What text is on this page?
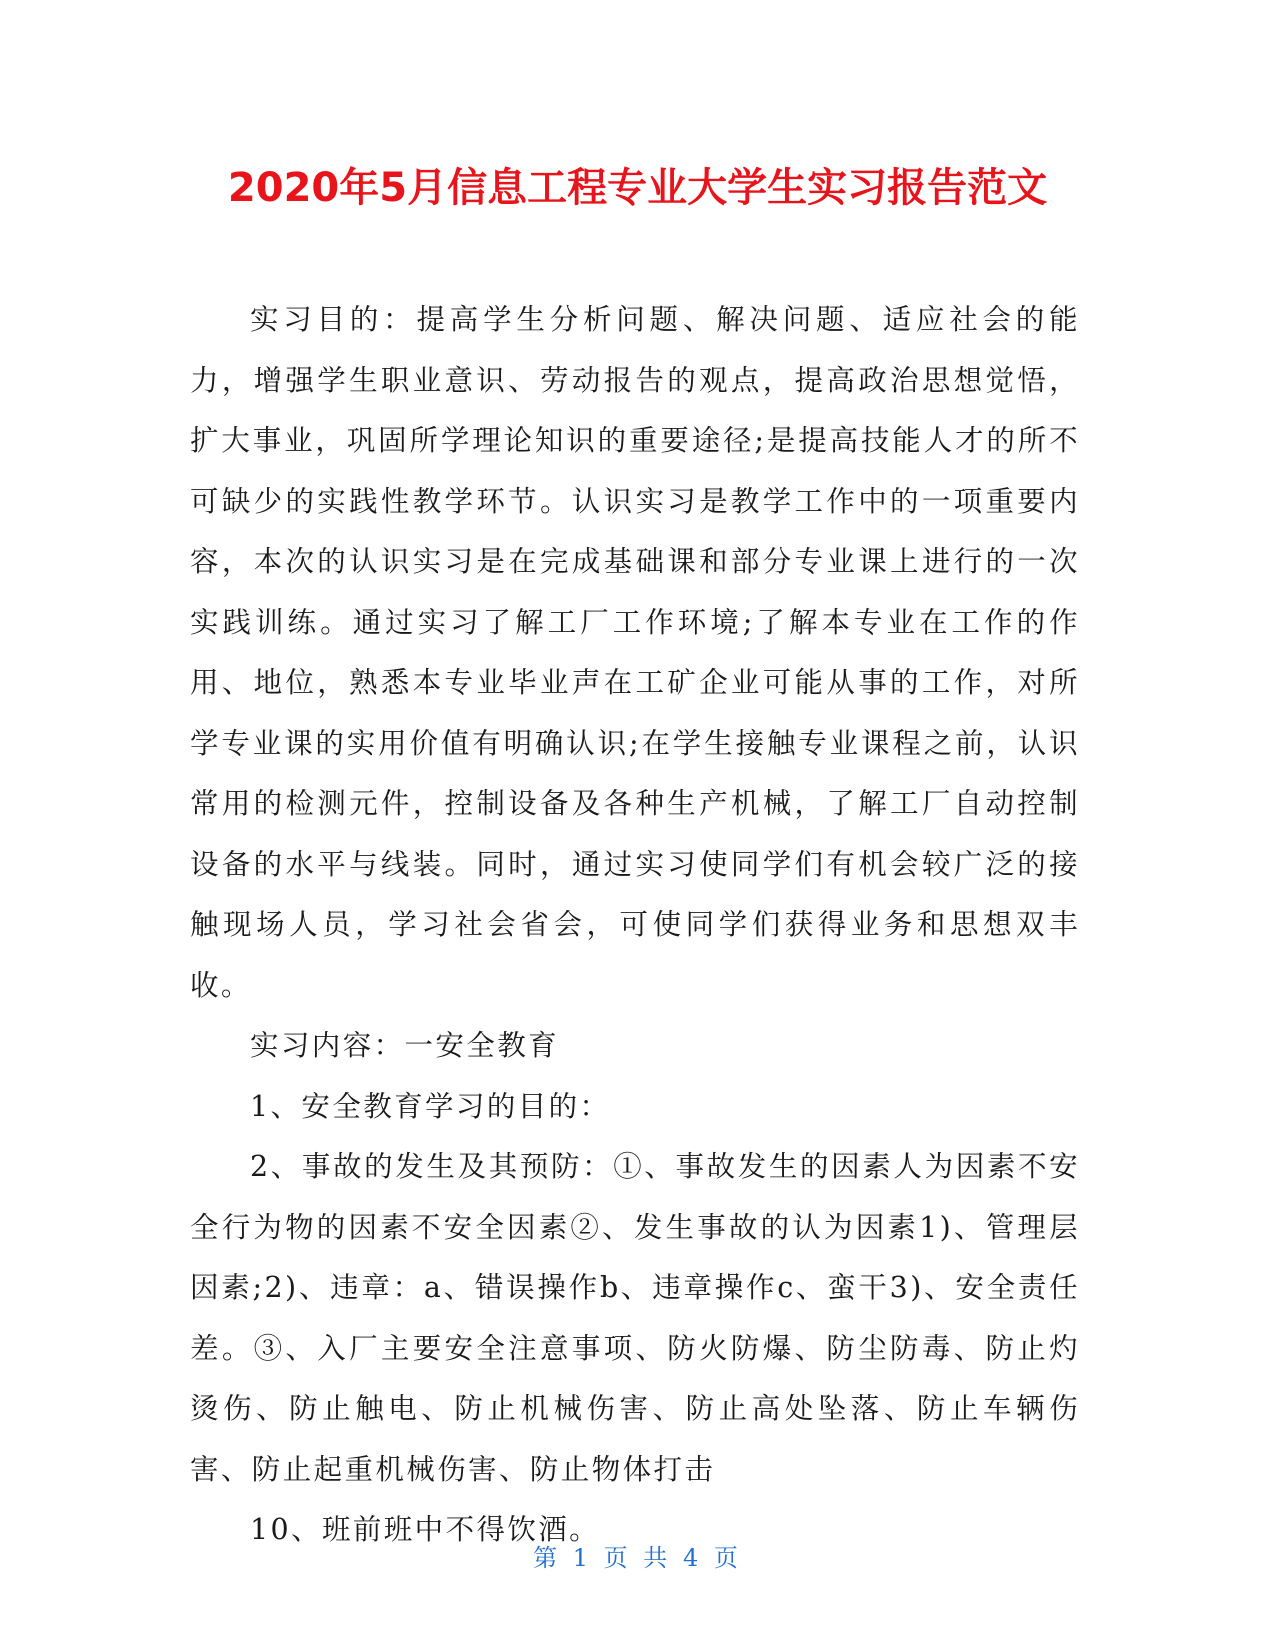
2020年5月信息工程专业大学生实习报告范文

实习目的：提高学生分析问题、解决问题、适应社会的能力，增强学生职业意识、劳动报告的观点，提高政治思想觉悟，扩大事业，巩固所学理论知识的重要途径;是提高技能人才的所不可缺少的实践性教学环节。认识实习是教学工作中的一项重要内容，本次的认识实习是在完成基础课和部分专业课上进行的一次实践训练。通过实习了解工厂工作环境;了解本专业在工作的作用、地位，熟悉本专业毕业声在工矿企业可能从事的工作，对所学专业课的实用价值有明确认识;在学生接触专业课程之前，认识常用的检测元件，控制设备及各种生产机械，了解工厂自动控制设备的水平与线装。同时，通过实习使同学们有机会较广泛的接触现场人员，学习社会省会，可使同学们获得业务和思想双丰收。

实习内容：一安全教育

1、安全教育学习的目的：

2、事故的发生及其预防：①、事故发生的因素人为因素不安全行为物的因素不安全因素②、发生事故的认为因素1)、管理层因素;2)、违章：a、错误操作b、违章操作c、蛮干3)、安全责任差。③、入厂主要安全注意事项、防火防爆、防尘防毒、防止灼烫伤、防止触电、防止机械伤害、防止高处坠落、防止车辆伤害、防止起重机械伤害、防止物体打击

10、班前班中不得饮酒。

第 1 页 共 4 页
